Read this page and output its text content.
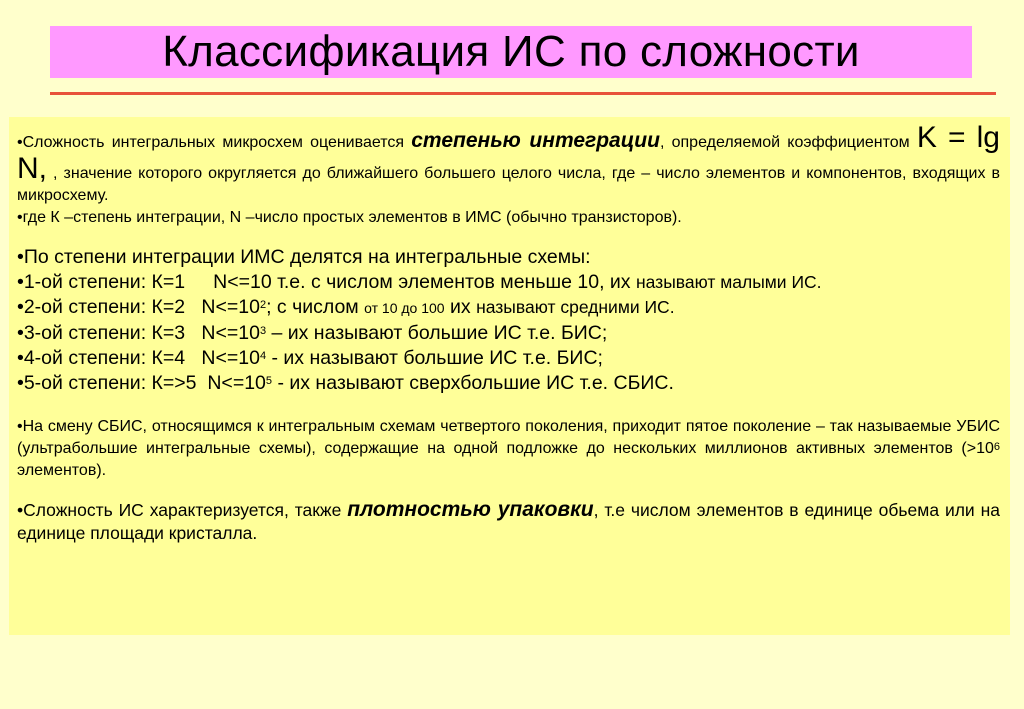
Классификация ИС по сложности

• Сложность интегральных микросхем оценивается степенью интеграции, определяемой коэффициентом K = lg N, , значение которого округляется до ближайшего большего целого числа, где – число элементов и компонентов, входящих в микросхему.

• где К –степень интеграции, N –число простых элементов в ИМС (обычно транзисторов).

• По степени интеграции ИМС делятся на интегральные схемы:

• 1-ой степени: К=1 N<=10 т.е. с числом элементов меньше 10, их называют малыми ИС.

• 2-ой степени: К=2   $N<=10^2$; с числом от 10 до 100 их называют средними ИС.

• 3-ой степени: К=3   $N<=10^3$ – их называют большие ИС т.е. БИС;

• 4-ой степени: К=4   $N<=10^4$ - их называют большие ИС т.е. БИС;

• 5-ой степени: К=>5  $N<=10^5$ - их называют сверхбольшие ИС т.е. СБИС.

• На смену СБИС, относящимся к интегральным схемам четвертого поколения, приходит пятое поколение – так называемые УБИС (ультрабольшие интегральные схемы), содержащие на одной подложке до нескольких миллионов активных элементов ($>10^6$ элементов).

• Сложность ИС характеризуется, также плотностью упаковки, т.е числом элементов в единице обьема или на единице площади кристалла.
